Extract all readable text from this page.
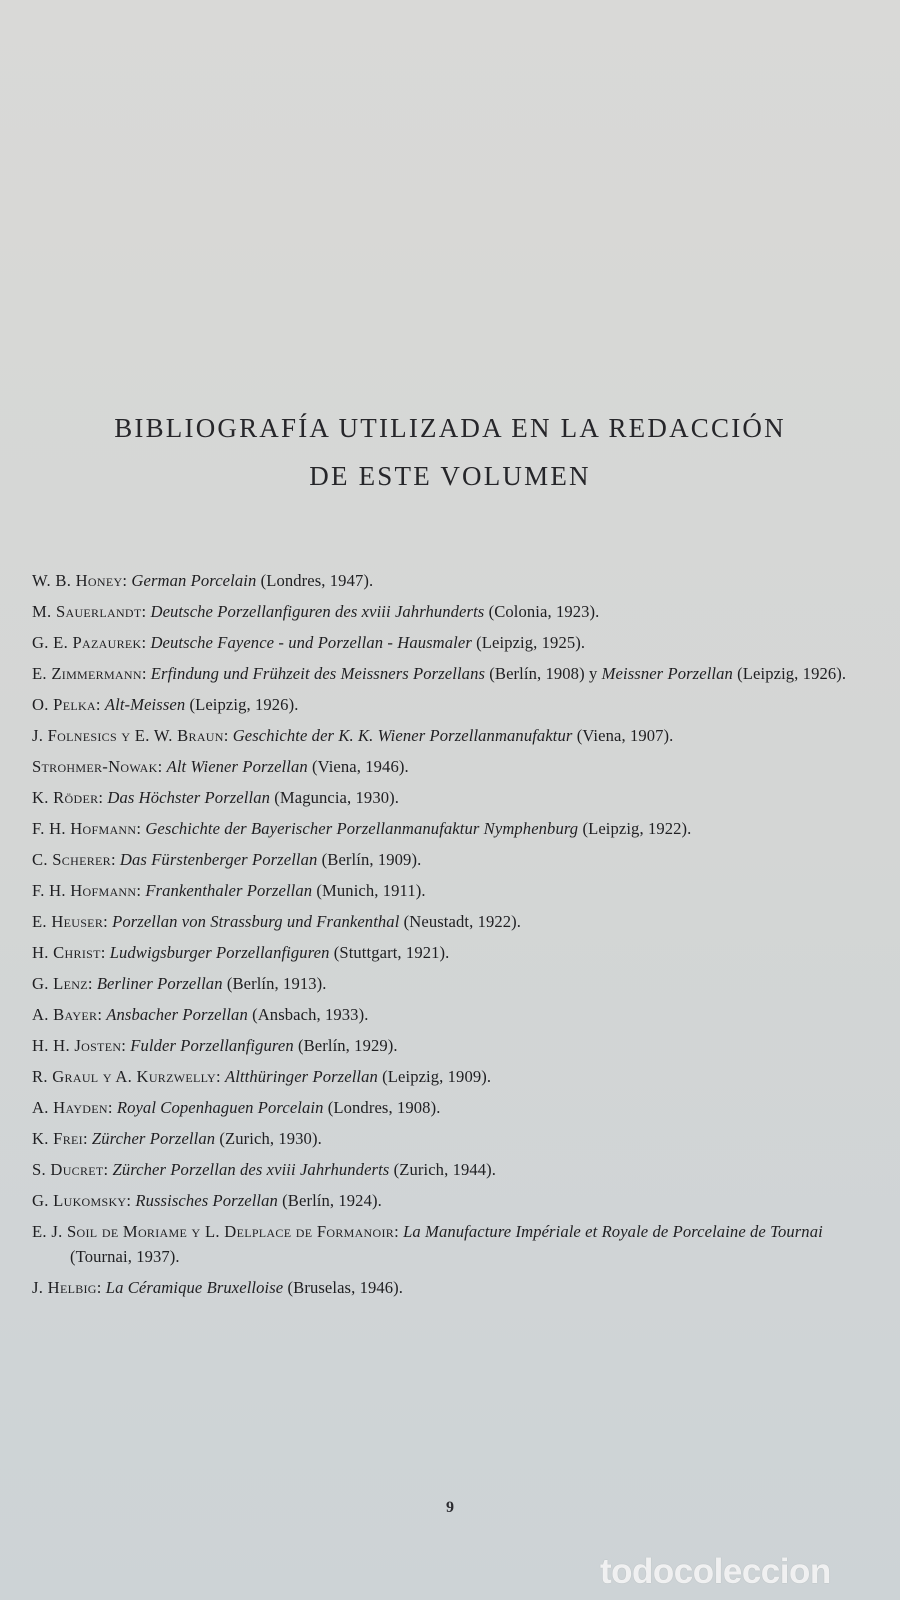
BIBLIOGRAFÍA UTILIZADA EN LA REDACCIÓN
DE ESTE VOLUMEN
W. B. Honey: German Porcelain (Londres, 1947).
M. Sauerlandt: Deutsche Porzellanfiguren des xviii Jahrhunderts (Colonia, 1923).
G. E. Pazaurek: Deutsche Fayence - und Porzellan - Hausmaler (Leipzig, 1925).
E. Zimmermann: Erfindung und Frühzeit des Meissners Porzellans (Berlín, 1908) y Meissner Porzellan (Leipzig, 1926).
O. Pelka: Alt-Meissen (Leipzig, 1926).
J. Folnesics y E. W. Braun: Geschichte der K. K. Wiener Porzellanmanufaktur (Viena, 1907).
Strohmer-Nowak: Alt Wiener Porzellan (Viena, 1946).
K. Röder: Das Höchster Porzellan (Maguncia, 1930).
F. H. Hofmann: Geschichte der Bayerischer Porzellanmanufaktur Nymphenburg (Leipzig, 1922).
C. Scherer: Das Fürstenberger Porzellan (Berlín, 1909).
F. H. Hofmann: Frankenthaler Porzellan (Munich, 1911).
E. Heuser: Porzellan von Strassburg und Frankenthal (Neustadt, 1922).
H. Christ: Ludwigsburger Porzellanfiguren (Stuttgart, 1921).
G. Lenz: Berliner Porzellan (Berlín, 1913).
A. Bayer: Ansbacher Porzellan (Ansbach, 1933).
H. H. Josten: Fulder Porzellanfiguren (Berlín, 1929).
R. Graul y A. Kurzwelly: Altthüringer Porzellan (Leipzig, 1909).
A. Hayden: Royal Copenhaguen Porcelain (Londres, 1908).
K. Frei: Zürcher Porzellan (Zurich, 1930).
S. Ducret: Zürcher Porzellan des xviii Jahrhunderts (Zurich, 1944).
G. Lukomsky: Russisches Porzellan (Berlín, 1924).
E. J. Soil de Moriame y L. Delplace de Formanoir: La Manufacture Impériale et Royale de Porcelaine de Tournai (Tournai, 1937).
J. Helbig: La Céramique Bruxelloise (Bruselas, 1946).
9
todocoleccion
